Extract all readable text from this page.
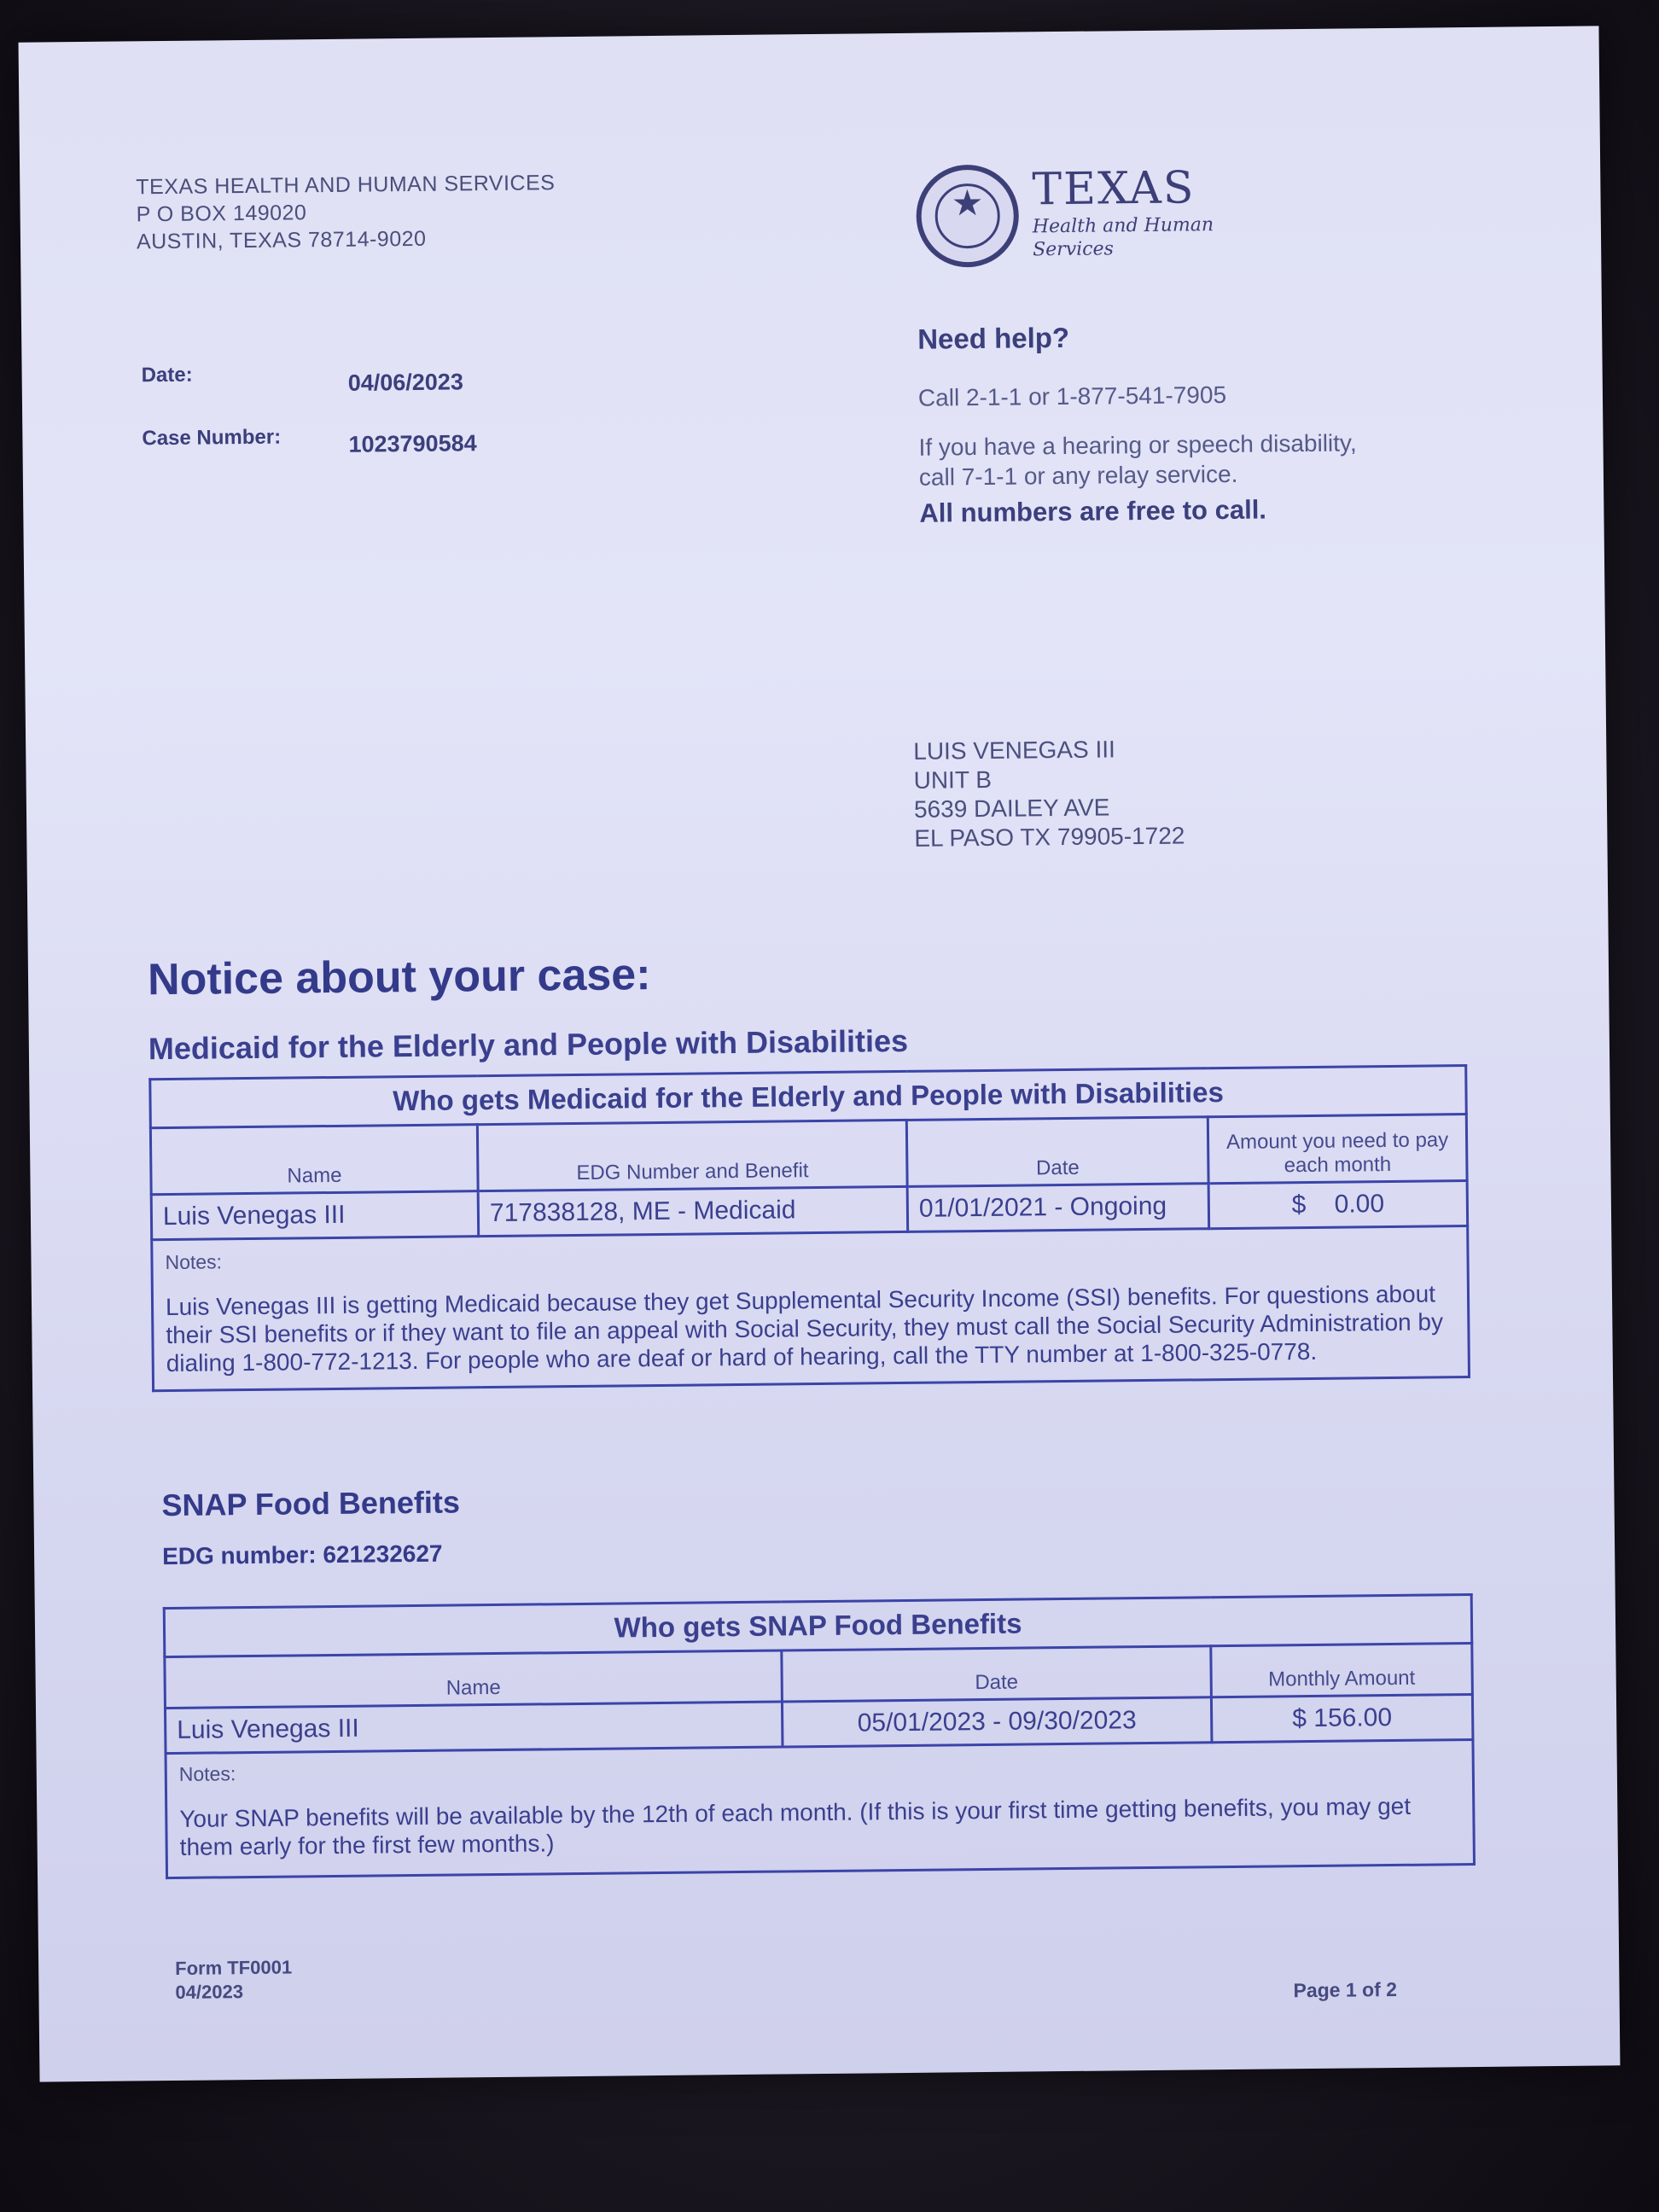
TEXAS HEALTH AND HUMAN SERVICES
P O BOX 149020
AUSTIN, TEXAS 78714-9020
★	TEXAS
Health and Human
Services
Date:	04/06/2023
Case Number:	1023790584
Need help?
Call 2-1-1 or 1-877-541-7905
If you have a hearing or speech disability,
call 7-1-1 or any relay service.
All numbers are free to call.
LUIS VENEGAS III
UNIT B
5639 DAILEY AVE
EL PASO TX 79905-1722
Notice about your case:
Medicaid for the Elderly and People with Disabilities
Who gets Medicaid for the Elderly and People with Disabilities			
Name	EDG Number and Benefit	Date	Amount you need to pay each month
Luis Venegas III	717838128, ME - Medicaid	01/01/2021 - Ongoing	$    0.00

Notes:
Luis Venegas III is getting Medicaid because they get Supplemental Security Income (SSI) benefits. For questions about their SSI benefits or if they want to file an appeal with Social Security, they must call the Social Security Administration by dialing 1-800-772-1213. For people who are deaf or hard of hearing, call the TTY number at 1-800-325-0778.			
SNAP Food Benefits
EDG number: 621232627
Who gets SNAP Food Benefits		
Name	Date	Monthly Amount
Luis Venegas III	05/01/2023 - 09/30/2023	$ 156.00

Notes:
Your SNAP benefits will be available by the 12th of each month. (If this is your first time getting benefits, you may get them early for the first few months.)		
Form TF0001
04/2023	Page 1 of 2
